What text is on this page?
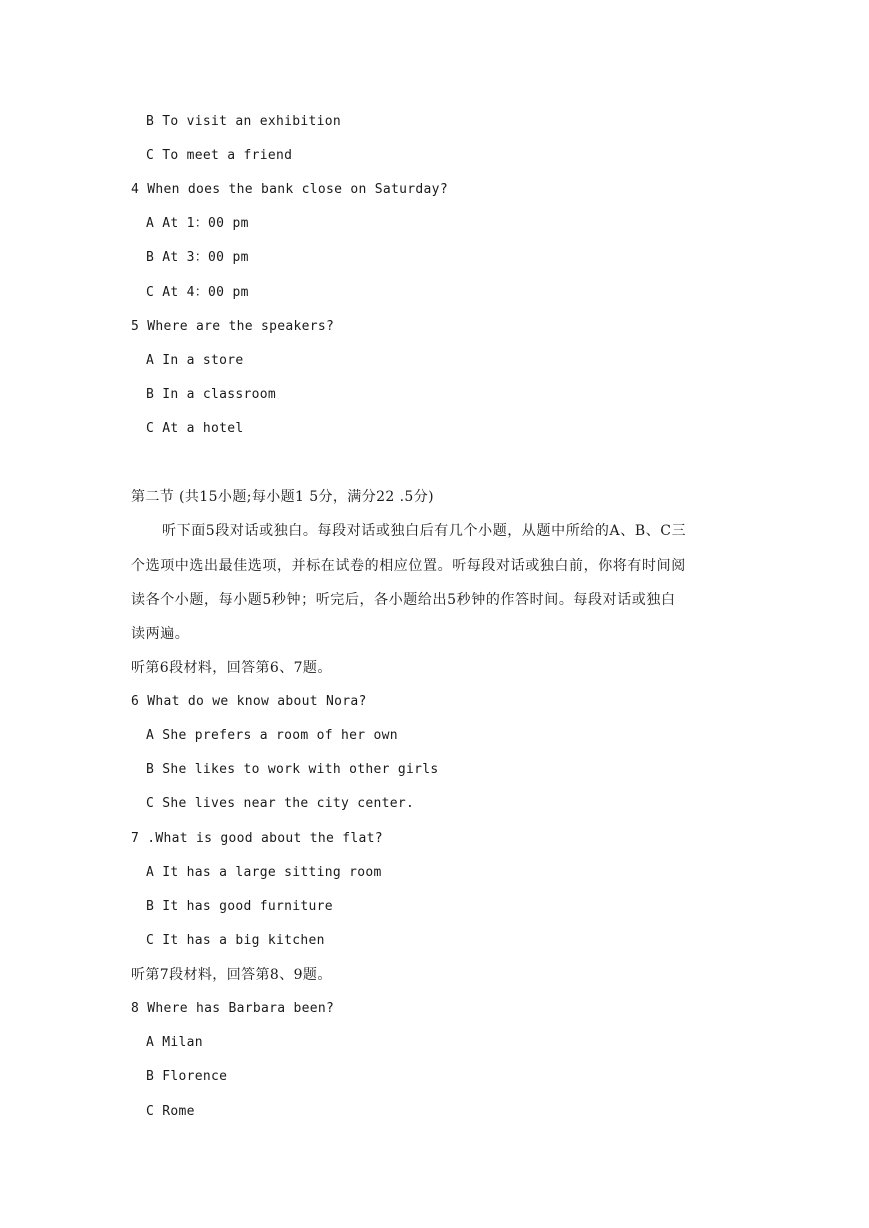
B To visit an exhibition
C To meet a friend
4 When does the bank close on Saturday?
A At 1：00 pm
B At 3：00 pm
C At 4：00 pm
5 Where are the speakers?
A In a store
B In a classroom
C At a hotel
第二节 (共15小题;每小题1 5分，满分22 .5分)
听下面5段对话或独白。每段对话或独白后有几个小题，从题中所给的A、B、C三
个选项中选出最佳选项，并标在试卷的相应位置。听每段对话或独白前，你将有时间阅
读各个小题，每小题5秒钟；听完后，各小题给出5秒钟的作答时间。每段对话或独白
读两遍。
听第6段材料，回答第6、7题。
6 What do we know about Nora?
A She prefers a room of her own
B She likes to work with other girls
C She lives near the city center.
7 .What is good about the flat?
A It has a large sitting room
B It has good furniture
C It has a big kitchen
听第7段材料，回答第8、9题。
8 Where has Barbara been?
A Milan
B Florence
C Rome
